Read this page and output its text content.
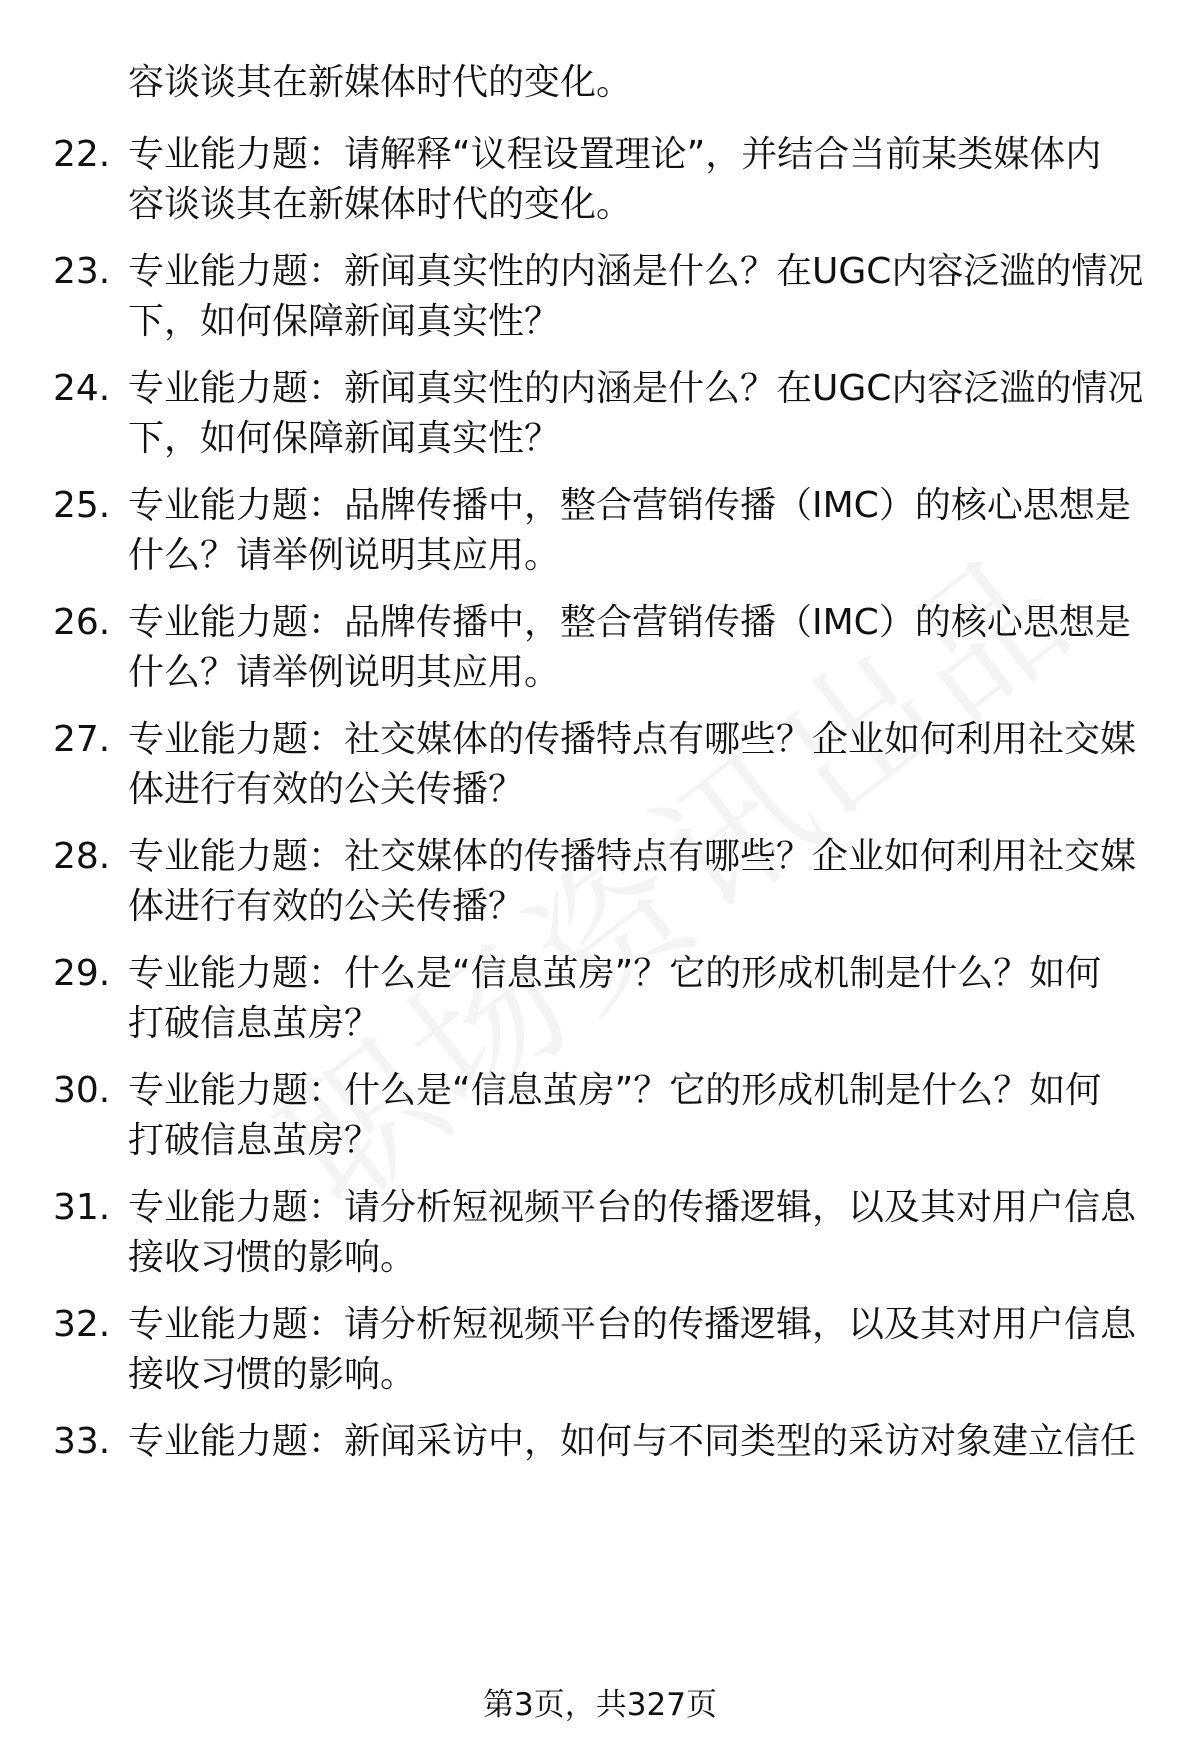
容谈谈其在新媒体时代的变化。
22. 专业能力题：请解释“议程设置理论”，并结合当前某类媒体内
容谈谈其在新媒体时代的变化。
23. 专业能力题：新闻真实性的内涵是什么？在UGC内容泛滥的情况
下，如何保障新闻真实性？
24. 专业能力题：新闻真实性的内涵是什么？在UGC内容泛滥的情况
下，如何保障新闻真实性？
25. 专业能力题：品牌传播中，整合营销传播（IMC）的核心思想是
什么？请举例说明其应用。
26. 专业能力题：品牌传播中，整合营销传播（IMC）的核心思想是
什么？请举例说明其应用。
27. 专业能力题：社交媒体的传播特点有哪些？企业如何利用社交媒
体进行有效的公关传播？
28. 专业能力题：社交媒体的传播特点有哪些？企业如何利用社交媒
体进行有效的公关传播？
29. 专业能力题：什么是“信息茧房”？它的形成机制是什么？如何
打破信息茧房？
30. 专业能力题：什么是“信息茧房”？它的形成机制是什么？如何
打破信息茧房？
31. 专业能力题：请分析短视频平台的传播逻辑，以及其对用户信息
接收习惯的影响。
32. 专业能力题：请分析短视频平台的传播逻辑，以及其对用户信息
接收习惯的影响。
33. 专业能力题：新闻采访中，如何与不同类型的采访对象建立信任
第3页，共327页
